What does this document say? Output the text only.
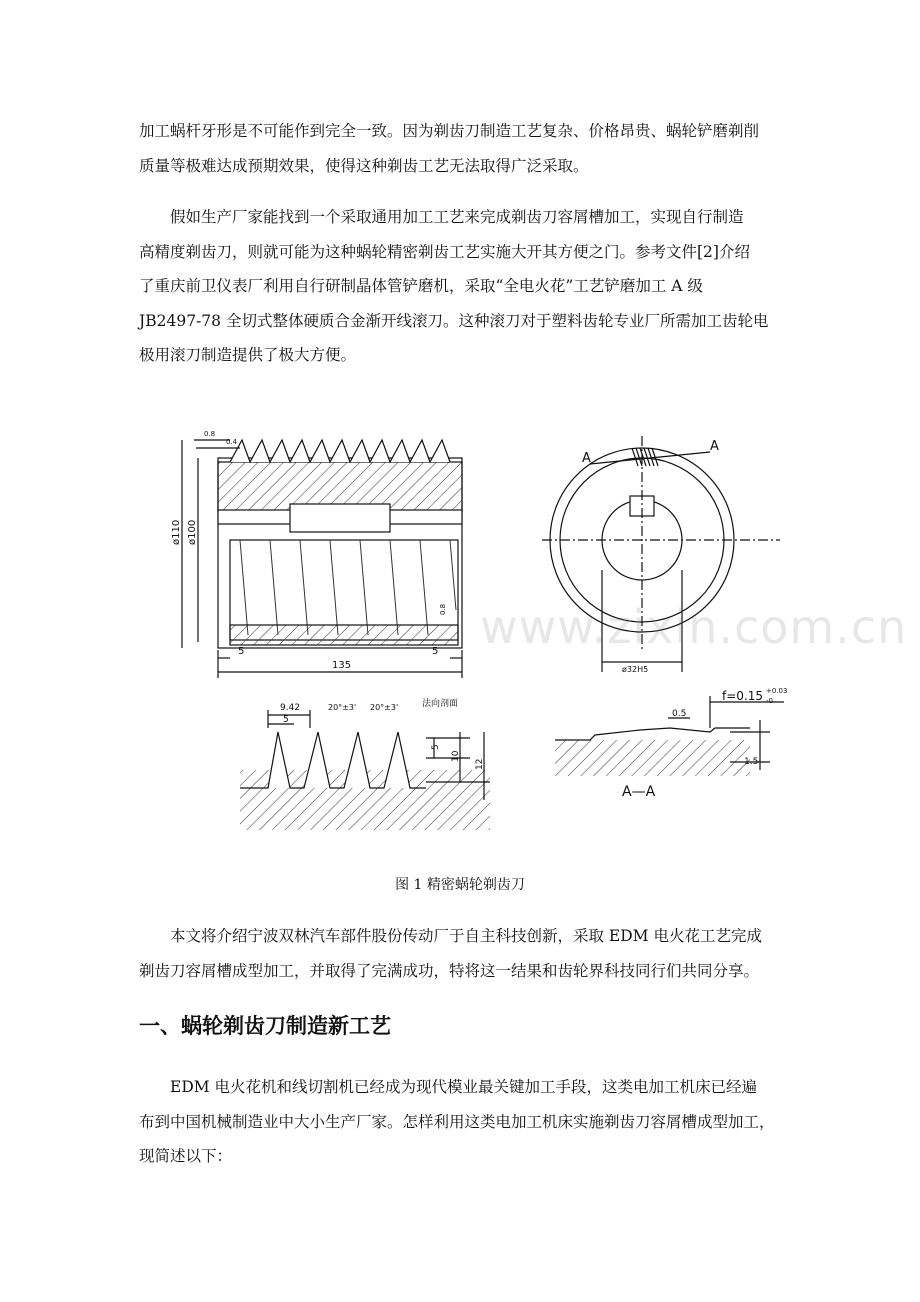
加工蜗杆牙形是不可能作到完全一致。因为剃齿刀制造工艺复杂、价格昂贵、蜗轮铲磨剃削
质量等极难达成预期效果，使得这种剃齿工艺无法取得广泛采取。
假如生产厂家能找到一个采取通用加工工艺来完成剃齿刀容屑槽加工，实现自行制造
高精度剃齿刀，则就可能为这种蜗轮精密剃齿工艺实施大开其方便之门。参考文件[2]介绍
了重庆前卫仪表厂利用自行研制晶体管铲磨机，采取“全电火花”工艺铲磨加工 A 级
JB2497-78 全切式整体硬质合金渐开线滚刀。这种滚刀对于塑料齿轮专业厂所需加工齿轮电
极用滚刀制造提供了极大方便。
ø110 ø100
135
5	5
0.8
0.4
0.8
A
A
ø32H5
9.42
5
20°±3' 20°±3'	法向剖面
5
10
12
f=0.15 +0.03
-0
0.5
1.5
A—A
www.zixin.com.cn
图 1 精密蜗轮剃齿刀
本文将介绍宁波双林汽车部件股份传动厂于自主科技创新，采取 EDM 电火花工艺完成
剃齿刀容屑槽成型加工，并取得了完满成功，特将这一结果和齿轮界科技同行们共同分享。
一、蜗轮剃齿刀制造新工艺
EDM 电火花机和线切割机已经成为现代模业最关键加工手段，这类电加工机床已经遍
布到中国机械制造业中大小生产厂家。怎样利用这类电加工机床实施剃齿刀容屑槽成型加工，
现简述以下：
